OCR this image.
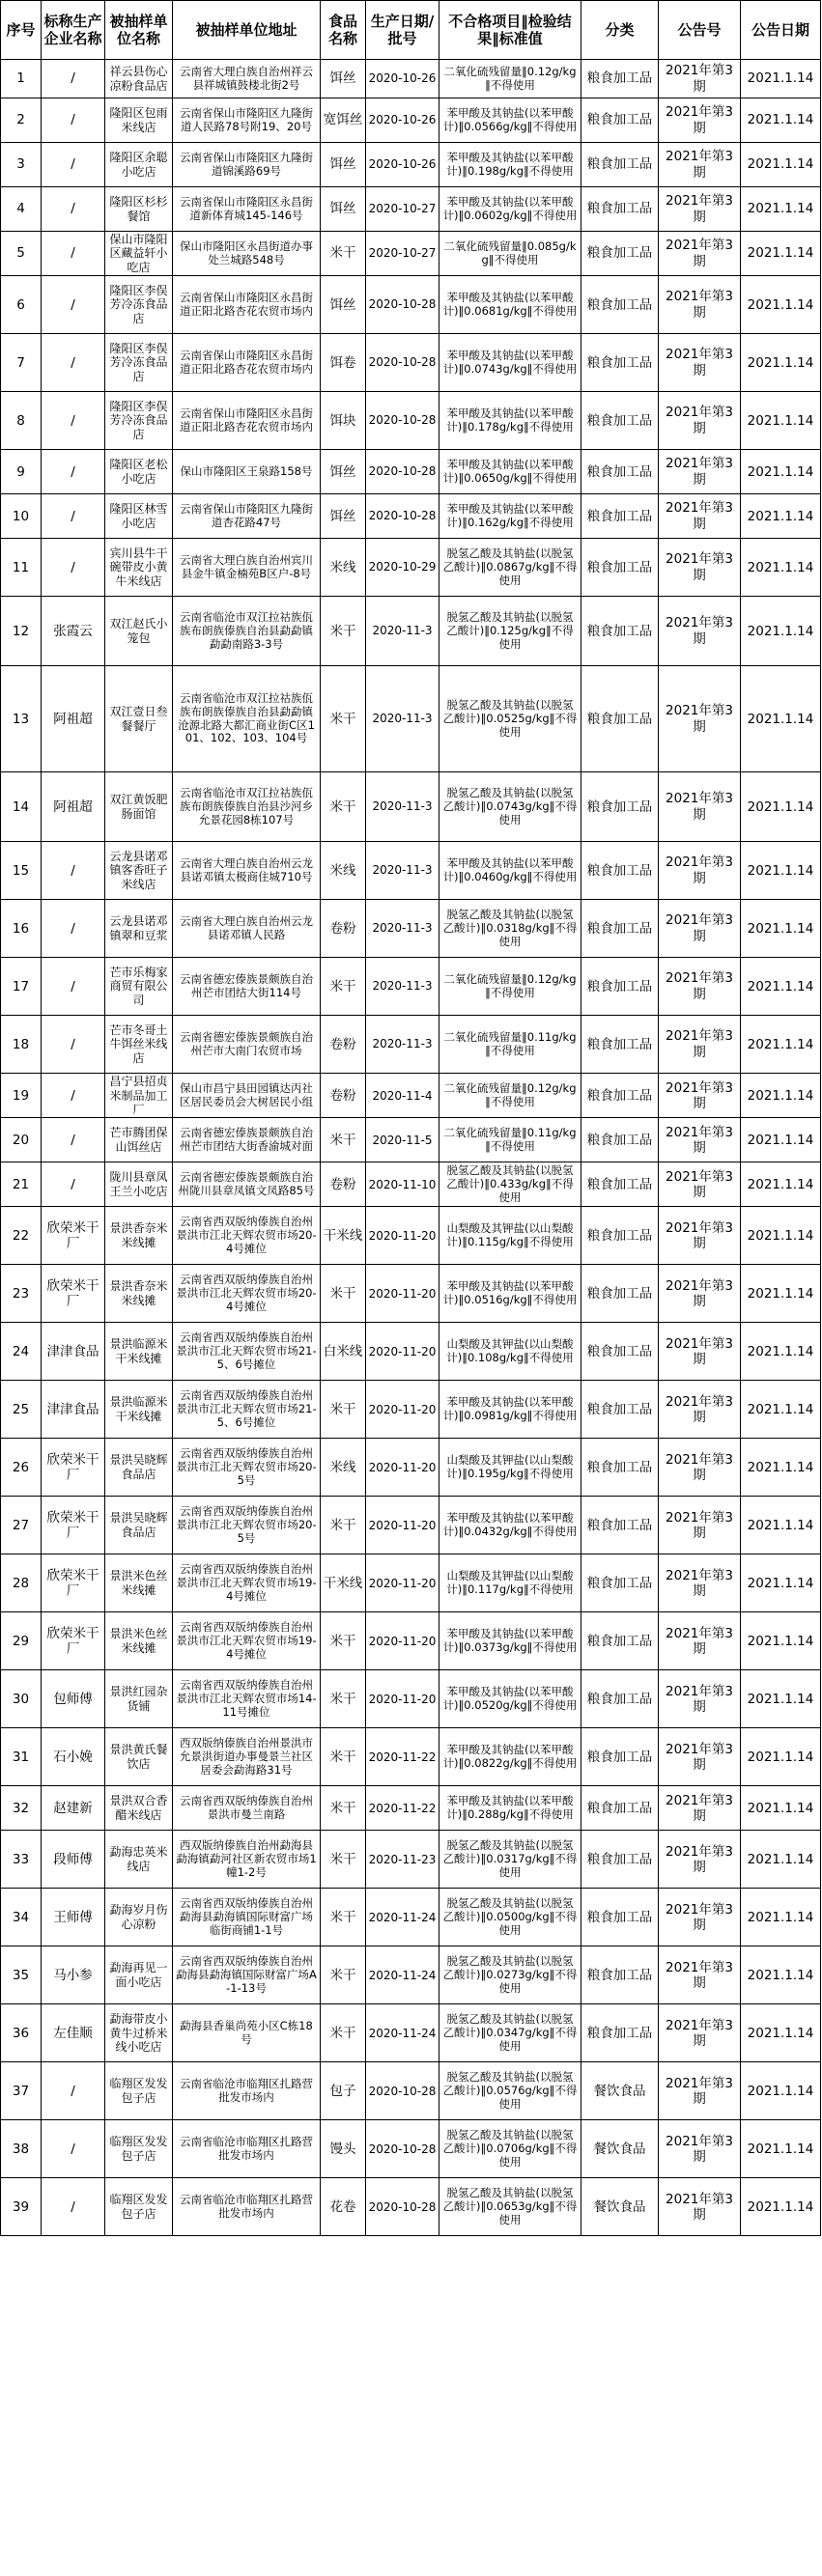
序号	标称生产企业名称	被抽样单位名称	被抽样单位地址	食品名称	生产日期/批号	不合格项目‖检验结果‖标准值	分类	公告号	公告日期
1	/	祥云县伤心凉粉食品店	云南省大理白族自治州祥云县祥城镇鼓楼北街2号	饵丝	2020-10-26	二氧化硫残留量‖0.12g/kg‖不得使用	粮食加工品	2021年第3期	2021.1.14
2	/	隆阳区包雨米线店	云南省保山市隆阳区九隆街道人民路78号附19、20号	宽饵丝	2020-10-26	苯甲酸及其钠盐(以苯甲酸计)‖0.0566g/kg‖不得使用	粮食加工品	2021年第3期	2021.1.14
3	/	隆阳区余聪小吃店	云南省保山市隆阳区九隆街道锦溪路69号	饵丝	2020-10-26	苯甲酸及其钠盐(以苯甲酸计)‖0.198g/kg‖不得使用	粮食加工品	2021年第3期	2021.1.14
4	/	隆阳区杉杉餐馆	云南省保山市隆阳区永昌街道新体育城145-146号	饵丝	2020-10-27	苯甲酸及其钠盐(以苯甲酸计)‖0.0602g/kg‖不得使用	粮食加工品	2021年第3期	2021.1.14
5	/	保山市隆阳区藏益轩小吃店	保山市隆阳区永昌街道办事处兰城路548号	米干	2020-10-27	二氧化硫残留量‖0.085g/kg‖不得使用	粮食加工品	2021年第3期	2021.1.14
6	/	隆阳区李俣芳冷冻食品店	云南省保山市隆阳区永昌街道正阳北路杏花农贸市场内	饵丝	2020-10-28	苯甲酸及其钠盐(以苯甲酸计)‖0.0681g/kg‖不得使用	粮食加工品	2021年第3期	2021.1.14
7	/	隆阳区李俣芳冷冻食品店	云南省保山市隆阳区永昌街道正阳北路杏花农贸市场内	饵卷	2020-10-28	苯甲酸及其钠盐(以苯甲酸计)‖0.0743g/kg‖不得使用	粮食加工品	2021年第3期	2021.1.14
8	/	隆阳区李俣芳冷冻食品店	云南省保山市隆阳区永昌街道正阳北路杏花农贸市场内	饵块	2020-10-28	苯甲酸及其钠盐(以苯甲酸计)‖0.178g/kg‖不得使用	粮食加工品	2021年第3期	2021.1.14
9	/	隆阳区老松小吃店	保山市隆阳区王泉路158号	饵丝	2020-10-28	苯甲酸及其钠盐(以苯甲酸计)‖0.0650g/kg‖不得使用	粮食加工品	2021年第3期	2021.1.14
10	/	隆阳区林雪小吃店	云南省保山市隆阳区九隆街道杏花路47号	饵丝	2020-10-28	苯甲酸及其钠盐(以苯甲酸计)‖0.162g/kg‖不得使用	粮食加工品	2021年第3期	2021.1.14
11	/	宾川县牛干碗带皮小黄牛米线店	云南省大理白族自治州宾川县金牛镇金楠苑B区户-8号	米线	2020-10-29	脱氢乙酸及其钠盐(以脱氢乙酸计)‖0.0867g/kg‖不得使用	粮食加工品	2021年第3期	2021.1.14
12	张霞云	双江赵氏小笼包	云南省临沧市双江拉祜族佤族布朗族傣族自治县勐勐镇勐勐南路3-3号	米干	2020-11-3	脱氢乙酸及其钠盐(以脱氢乙酸计)‖0.125g/kg‖不得使用	粮食加工品	2021年第3期	2021.1.14
13	阿祖超	双江壹日叁餐餐厅	云南省临沧市双江拉祜族佤族布朗族傣族自治县勐勐镇沧源北路大都汇商业街C区101、102、103、104号	米干	2020-11-3	脱氢乙酸及其钠盐(以脱氢乙酸计)‖0.0525g/kg‖不得使用	粮食加工品	2021年第3期	2021.1.14
14	阿祖超	双江黄饭肥肠面馆	云南省临沧市双江拉祜族佤族布朗族傣族自治县沙河乡允景花园8栋107号	米干	2020-11-3	脱氢乙酸及其钠盐(以脱氢乙酸计)‖0.0743g/kg‖不得使用	粮食加工品	2021年第3期	2021.1.14
15	/	云龙县诺邓镇客香旺子米线店	云南省大理白族自治州云龙县诺邓镇太极商住城710号	米线	2020-11-3	苯甲酸及其钠盐(以苯甲酸计)‖0.0460g/kg‖不得使用	粮食加工品	2021年第3期	2021.1.14
16	/	云龙县诺邓镇翠和豆浆	云南省大理白族自治州云龙县诺邓镇人民路	卷粉	2020-11-3	脱氢乙酸及其钠盐(以脱氢乙酸计)‖0.0318g/kg‖不得使用	粮食加工品	2021年第3期	2021.1.14
17	/	芒市乐梅家商贸有限公司	云南省德宏傣族景颇族自治州芒市团结大街114号	米干	2020-11-3	二氧化硫残留量‖0.12g/kg‖不得使用	粮食加工品	2021年第3期	2021.1.14
18	/	芒市冬哥土牛饵丝米线店	云南省德宏傣族景颇族自治州芒市大南门农贸市场	卷粉	2020-11-3	二氧化硫残留量‖0.11g/kg‖不得使用	粮食加工品	2021年第3期	2021.1.14
19	/	昌宁县招贞米制品加工厂	保山市昌宁县田园镇达丙社区居民委员会大树居民小组	卷粉	2020-11-4	二氧化硫残留量‖0.12g/kg‖不得使用	粮食加工品	2021年第3期	2021.1.14
20	/	芒市腾团保山饵丝店	云南省德宏傣族景颇族自治州芒市团结大街香渝城对面	米干	2020-11-5	二氧化硫残留量‖0.11g/kg‖不得使用	粮食加工品	2021年第3期	2021.1.14
21	/	陇川县章凤王兰小吃店	云南省德宏傣族景颇族自治州陇川县章凤镇文凤路85号	卷粉	2020-11-10	脱氢乙酸及其钠盐(以脱氢乙酸计)‖0.433g/kg‖不得使用	粮食加工品	2021年第3期	2021.1.14
22	欣荣米干厂	景洪香奈米米线摊	云南省西双版纳傣族自治州景洪市江北天辉农贸市场20-4号摊位	干米线	2020-11-20	山梨酸及其钾盐(以山梨酸计)‖0.115g/kg‖不得使用	粮食加工品	2021年第3期	2021.1.14
23	欣荣米干厂	景洪香奈米米线摊	云南省西双版纳傣族自治州景洪市江北天辉农贸市场20-4号摊位	米干	2020-11-20	苯甲酸及其钠盐(以苯甲酸计)‖0.0516g/kg‖不得使用	粮食加工品	2021年第3期	2021.1.14
24	津津食品	景洪临源米干米线摊	云南省西双版纳傣族自治州景洪市江北天辉农贸市场21-5、6号摊位	白米线	2020-11-20	山梨酸及其钾盐(以山梨酸计)‖0.108g/kg‖不得使用	粮食加工品	2021年第3期	2021.1.14
25	津津食品	景洪临源米干米线摊	云南省西双版纳傣族自治州景洪市江北天辉农贸市场21-5、6号摊位	米干	2020-11-20	苯甲酸及其钠盐(以苯甲酸计)‖0.0981g/kg‖不得使用	粮食加工品	2021年第3期	2021.1.14
26	欣荣米干厂	景洪吴晓辉食品店	云南省西双版纳傣族自治州景洪市江北天辉农贸市场20-5号	米线	2020-11-20	山梨酸及其钾盐(以山梨酸计)‖0.195g/kg‖不得使用	粮食加工品	2021年第3期	2021.1.14
27	欣荣米干厂	景洪吴晓辉食品店	云南省西双版纳傣族自治州景洪市江北天辉农贸市场20-5号	米干	2020-11-20	苯甲酸及其钠盐(以苯甲酸计)‖0.0432g/kg‖不得使用	粮食加工品	2021年第3期	2021.1.14
28	欣荣米干厂	景洪米色丝米线摊	云南省西双版纳傣族自治州景洪市江北天辉农贸市场19-4号摊位	干米线	2020-11-20	山梨酸及其钾盐(以山梨酸计)‖0.117g/kg‖不得使用	粮食加工品	2021年第3期	2021.1.14
29	欣荣米干厂	景洪米色丝米线摊	云南省西双版纳傣族自治州景洪市江北天辉农贸市场19-4号摊位	米干	2020-11-20	苯甲酸及其钠盐(以苯甲酸计)‖0.0373g/kg‖不得使用	粮食加工品	2021年第3期	2021.1.14
30	包师傅	景洪红园杂货铺	云南省西双版纳傣族自治州景洪市江北天辉农贸市场14-11号摊位	米干	2020-11-20	苯甲酸及其钠盐(以苯甲酸计)‖0.0520g/kg‖不得使用	粮食加工品	2021年第3期	2021.1.14
31	石小娩	景洪黄氏餐饮店	西双版纳傣族自治州景洪市允景洪街道办事曼景兰社区居委会勐海路31号	米干	2020-11-22	苯甲酸及其钠盐(以苯甲酸计)‖0.0822g/kg‖不得使用	粮食加工品	2021年第3期	2021.1.14
32	赵建新	景洪双合香醋米线店	云南省西双版纳傣族自治州景洪市曼兰南路	米干	2020-11-22	苯甲酸及其钠盐(以苯甲酸计)‖0.288g/kg‖不得使用	粮食加工品	2021年第3期	2021.1.14
33	段师傅	勐海忠英米线店	西双版纳傣族自治州勐海县勐海镇勐河社区新农贸市场1幢1-2号	米干	2020-11-23	脱氢乙酸及其钠盐(以脱氢乙酸计)‖0.0317g/kg‖不得使用	粮食加工品	2021年第3期	2021.1.14
34	王师傅	勐海岁月伤心凉粉	云南省西双版纳傣族自治州勐海县勐海镇国际财富广场临街商铺1-1号	米干	2020-11-24	脱氢乙酸及其钠盐(以脱氢乙酸计)‖0.0500g/kg‖不得使用	粮食加工品	2021年第3期	2021.1.14
35	马小参	勐海再见一面小吃店	云南省西双版纳傣族自治州勐海县勐海镇国际财富广场A-1-13号	米干	2020-11-24	脱氢乙酸及其钠盐(以脱氢乙酸计)‖0.0273g/kg‖不得使用	粮食加工品	2021年第3期	2021.1.14
36	左佳顺	勐海带皮小黄牛过桥米线小吃店	勐海县香巢尚苑小区C栋18号	米干	2020-11-24	脱氢乙酸及其钠盐(以脱氢乙酸计)‖0.0347g/kg‖不得使用	粮食加工品	2021年第3期	2021.1.14
37	/	临翔区发发包子店	云南省临沧市临翔区扎路营批发市场内	包子	2020-10-28	脱氢乙酸及其钠盐(以脱氢乙酸计)‖0.0576g/kg‖不得使用	餐饮食品	2021年第3期	2021.1.14
38	/	临翔区发发包子店	云南省临沧市临翔区扎路营批发市场内	馒头	2020-10-28	脱氢乙酸及其钠盐(以脱氢乙酸计)‖0.0706g/kg‖不得使用	餐饮食品	2021年第3期	2021.1.14
39	/	临翔区发发包子店	云南省临沧市临翔区扎路营批发市场内	花卷	2020-10-28	脱氢乙酸及其钠盐(以脱氢乙酸计)‖0.0653g/kg‖不得使用	餐饮食品	2021年第3期	2021.1.14
